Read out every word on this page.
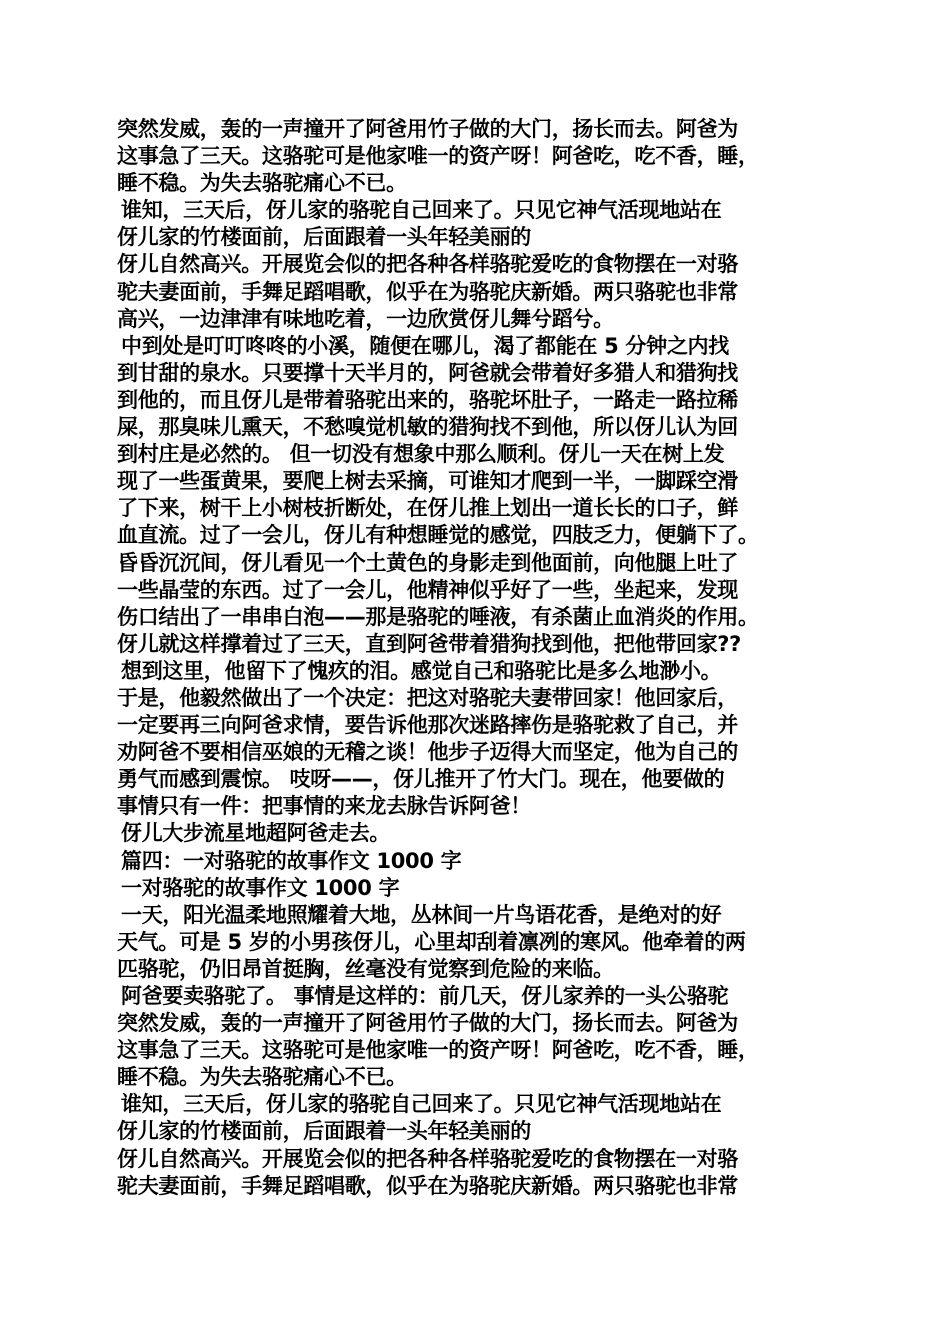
突然发威，轰的一声撞开了阿爸用竹子做的大门，扬长而去。阿爸为
这事急了三天。这骆驼可是他家唯一的资产呀！阿爸吃，吃不香，睡，
睡不稳。为失去骆驼痛心不已。
谁知，三天后，伢儿家的骆驼自己回来了。只见它神气活现地站在
伢儿家的竹楼面前，后面跟着一头年轻美丽的
伢儿自然高兴。开展览会似的把各种各样骆驼爱吃的食物摆在一对骆
驼夫妻面前，手舞足蹈唱歌，似乎在为骆驼庆新婚。两只骆驼也非常
高兴，一边津津有味地吃着，一边欣赏伢儿舞兮蹈兮。
中到处是叮叮咚咚的小溪，随便在哪儿，渴了都能在 5 分钟之内找
到甘甜的泉水。只要撑十天半月的，阿爸就会带着好多猎人和猎狗找
到他的，而且伢儿是带着骆驼出来的，骆驼坏肚子，一路走一路拉稀
屎，那臭味儿熏天，不愁嗅觉机敏的猎狗找不到他，所以伢儿认为回
到村庄是必然的。 但一切没有想象中那么顺利。伢儿一天在树上发
现了一些蛋黄果，要爬上树去采摘，可谁知才爬到一半，一脚踩空滑
了下来，树干上小树枝折断处，在伢儿推上划出一道长长的口子，鲜
血直流。过了一会儿，伢儿有种想睡觉的感觉，四肢乏力，便躺下了。
昏昏沉沉间，伢儿看见一个土黄色的身影走到他面前，向他腿上吐了
一些晶莹的东西。过了一会儿，他精神似乎好了一些，坐起来，发现
伤口结出了一串串白泡——那是骆驼的唾液，有杀菌止血消炎的作用。
伢儿就这样撑着过了三天，直到阿爸带着猎狗找到他，把他带回家??
想到这里，他留下了愧疚的泪。感觉自己和骆驼比是多么地渺小。
于是，他毅然做出了一个决定：把这对骆驼夫妻带回家！他回家后，
一定要再三向阿爸求情，要告诉他那次迷路摔伤是骆驼救了自己，并
劝阿爸不要相信巫娘的无稽之谈！他步子迈得大而坚定，他为自己的
勇气而感到震惊。 吱呀——，伢儿推开了竹大门。现在，他要做的
事情只有一件：把事情的来龙去脉告诉阿爸！
伢儿大步流星地超阿爸走去。
篇四：一对骆驼的故事作文 1000 字
一对骆驼的故事作文 1000 字
一天，阳光温柔地照耀着大地，丛林间一片鸟语花香，是绝对的好
天气。可是 5 岁的小男孩伢儿，心里却刮着凛冽的寒风。他牵着的两
匹骆驼，仍旧昂首挺胸，丝毫没有觉察到危险的来临。
阿爸要卖骆驼了。 事情是这样的：前几天，伢儿家养的一头公骆驼
突然发威，轰的一声撞开了阿爸用竹子做的大门，扬长而去。阿爸为
这事急了三天。这骆驼可是他家唯一的资产呀！阿爸吃，吃不香，睡，
睡不稳。为失去骆驼痛心不已。
谁知，三天后，伢儿家的骆驼自己回来了。只见它神气活现地站在
伢儿家的竹楼面前，后面跟着一头年轻美丽的
伢儿自然高兴。开展览会似的把各种各样骆驼爱吃的食物摆在一对骆
驼夫妻面前，手舞足蹈唱歌，似乎在为骆驼庆新婚。两只骆驼也非常
